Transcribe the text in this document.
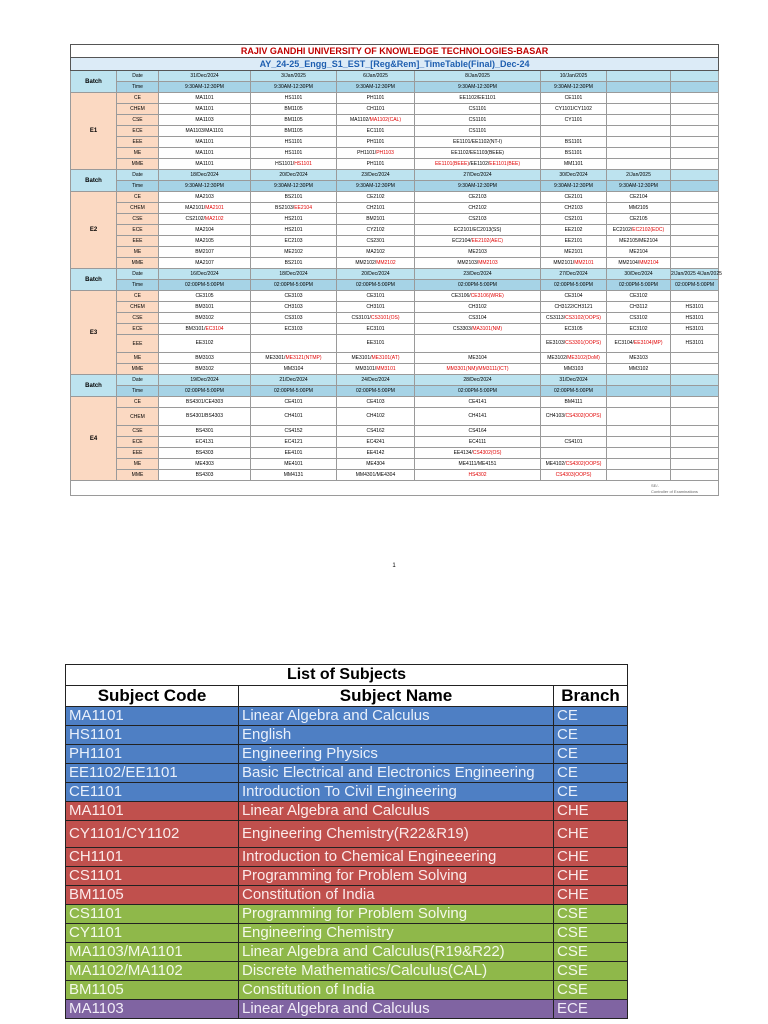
RAJIV GANDHI UNIVERSITY OF KNOWLEDGE TECHNOLOGIES-BASAR								
AY_24-25_Engg_S1_EST_[Reg&Rem]_TimeTable(Final)_Dec-24								
Batch	Date	31/Dec/2024	3/Jan/2025	6/Jan/2025	8/Jan/2025	10/Jan/2025		
	Time	9:30AM-12:30PM	9:30AM-12:30PM	9:30AM-12:30PM	9:30AM-12:30PM	9:30AM-12:30PM		
E1	CE	MA1101	HS1101	PH1101	EE1102/EE1101	CE1101		
	CHEM	MA1101	BM1105	CH1101	CS1101	CY1101/CY1102		
	CSE	MA1103	BM1105	MA1102/MA1102(CAL)	CS1101	CY1101		
	ECE	MA1103/MA1101	BM1105	EC1101	CS1101			
	EEE	MA1101	HS1101	PH1101	EE1101/EE1102(NT-I)	BS1101		
	ME	MA1101	HS1101	PH1101/PH1103	EE1102/EE1103(BEEE)	BS1101		
	MME	MA1101	HS1101/HS1101	PH1101	EE1101(BEEE)/EE1102/EE1101(BEE)	MM1101		
Batch	Date	18/Dec/2024	20/Dec/2024	23/Dec/2024	27/Dec/2024	30/Dec/2024	2/Jan/2025	
	Time	9:30AM-12:30PM	9:30AM-12:30PM	9:30AM-12:30PM	9:30AM-12:30PM	9:30AM-12:30PM	9:30AM-12:30PM	
E2	CE	MA2103	BS2101	CE2102	CE2103	CE2101	CE2104	
	CHEM	MA2101/MA2101	BS2103/EE2104	CH2101	CH2102	CH2103	MM2105	
	CSE	CS2102/MA2102	HS2101	BM2101	CS2103	CS2101	CE2105	
	ECE	MA2104	HS2101	CY2102	EC2101/EC2013(SS)	EE2102	EC2102/EC2102(EDC)	
	EEE	MA2105	EC2103	CS2301	EC2104/EE2102(AEC)	EE2101	ME2105/ME2104	
	ME	BM2107	ME2102	MA2102	ME2103	ME2101	ME2104	
	MME	MA2107	BS2101	MM2102/MM2102	MM2103/MM2103	MM2101/MM2101	MM2104/MM2104	
Batch	Date	16/Dec/2024	18/Dec/2024	20/Dec/2024	23/Dec/2024	27/Dec/2024	30/Dec/2024	2/Jan/2025 4/Jan/2025
	Time	02:00PM-5:00PM	02:00PM-5:00PM	02:00PM-5:00PM	02:00PM-5:00PM	02:00PM-5:00PM	02:00PM-5:00PM	02:00PM-5:00PM
E3	CE	CE3105	CE3103	CE3101	CE3106/CE3106(WRE)	CE3104	CE3102	
	CHEM	BM3101	CH3103	CH3101	CH3102	CH3122/CH3121	CH3112	HS3101
	CSE	BM3102	CS3103	CS3101/CS3101(OS)	CS3104	CS3113/CS3102(OOPS)	CS3102	HS3101
	ECE	BM3101/EC3104	EC3103	EC3101	CS3303/MA3101(NM)	EC3105	EC3102	HS3101
	EEE	EE3102		EE3101		EE3103/CS3301(OOPS)	EC3104/EE3104(MP)	HS3101
	ME	BM3103	ME3301/ME3121(NTMP)	ME3101/ME3101(AT)	ME3104	ME3102/ME3102(DoM)	ME3103	
	MME	BM3102	MM3104	MM3101/MM3101	MM3301(NM)/MM3111(ICT)	MM3103	MM3102	
Batch	Date	19/Dec/2024	21/Dec/2024	24/Dec/2024	28/Dec/2024	31/Dec/2024		
	Time	02:00PM-5:00PM	02:00PM-5:00PM	02:00PM-5:00PM	02:00PM-5:00PM	02:00PM-5:00PM		
E4	CE	BS4301/CE4303	CE4101	CE4103	CE4141	BM4111		
	CHEM	BS4301/BS4303	CH4101	CH4102	CH4141	CH4103/CS4302(OOPS)		
	CSE	BS4301	CS4152	CS4162	CS4164			
	ECE	EC4131	EC4121	EC4241	EC4111	CS4101		
	EEE	BS4303	EE4101	EE4142	EE4134/CS4302(OS)			
	ME	ME4303	ME4101	ME4304	ME4111/ME4151	ME4102/CS4302(OOPS)		
	MME	BS4303	MM4131	MM4301/ME4304	HS4302	CS4303(OOPS)		

SE/-
Controller of Examinations								
1
List of Subjects		
Subject Code	Subject Name	Branch
MA1101	Linear Algebra and Calculus	CE
HS1101	English	CE
PH1101	Engineering Physics	CE
EE1102/EE1101	Basic Electrical and Electronics Engineering	CE
CE1101	Introduction To Civil Engineering	CE
MA1101	Linear Algebra and Calculus	CHE
CY1101/CY1102	Engineering Chemistry(R22&R19)	CHE
CH1101	Introduction to Chemical Engineeering	CHE
CS1101	Programming for Problem Solving	CHE
BM1105	Constitution of India	CHE
CS1101	Programming for Problem Solving	CSE
CY1101	Engineering Chemistry	CSE
MA1103/MA1101	Linear Algebra and Calculus(R19&R22)	CSE
MA1102/MA1102	Discrete Mathematics/Calculus(CAL)	CSE
BM1105	Constitution of India	CSE
MA1103	Linear Algebra and Calculus	ECE
